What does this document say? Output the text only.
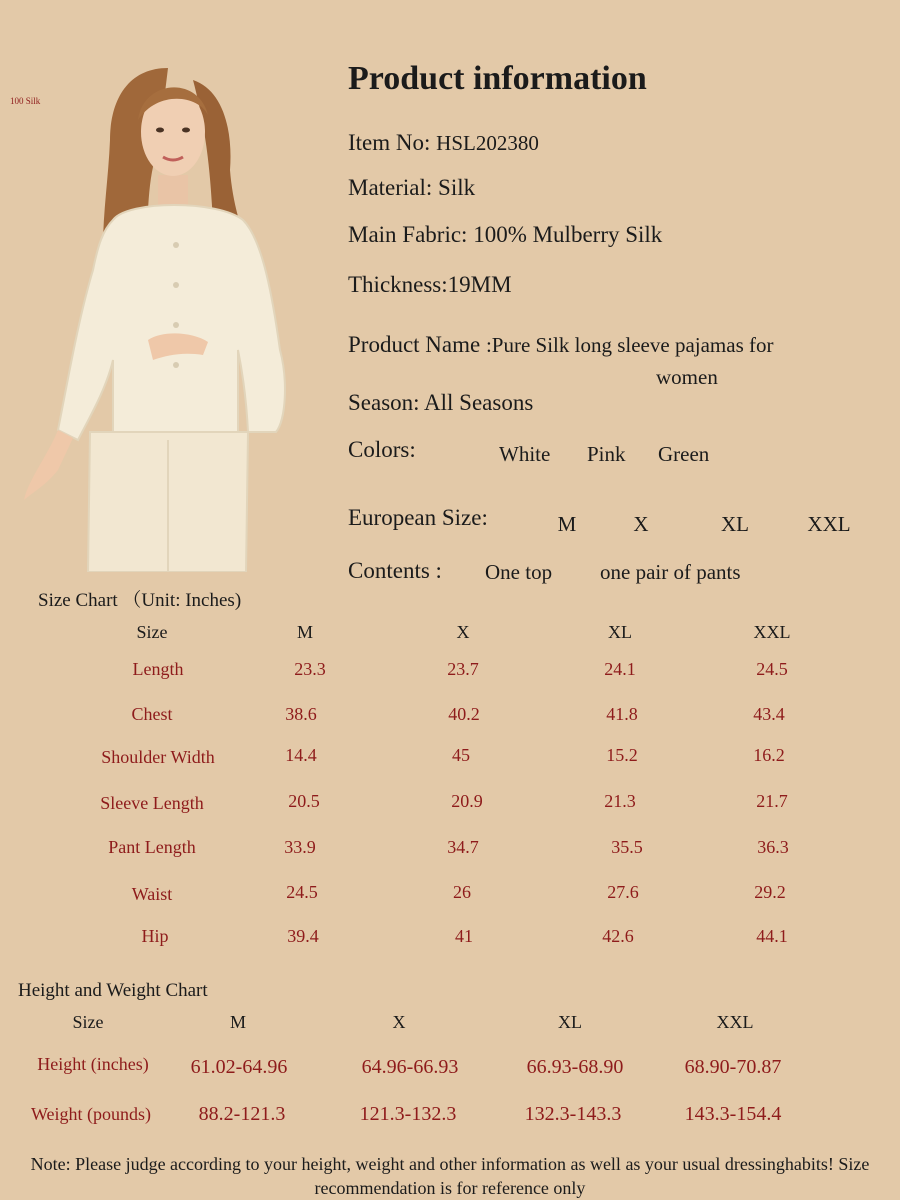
100 Silk
Product information
Item No: HSL202380
Material: Silk
Main Fabric: 100% Mulberry Silk
Thickness:19MM
Product Name :Pure Silk long sleeve pajamas for
women
Season: All Seasons
Colors:	White Pink Green
European Size:	M	X	XL	XXL
Contents : One top one pair of pants
Size Chart （Unit: Inches)
Size	M	X	XL	XXL
Length	23.3	23.7	24.1	24.5
Chest	38.6	40.2	41.8	43.4
Shoulder Width	14.4	45	15.2	16.2
Sleeve Length	20.5	20.9	21.3	21.7
Pant Length	33.9	34.7	35.5	36.3
Waist	24.5	26	27.6	29.2
Hip	39.4	41	42.6	44.1
Height and Weight Chart
Size	M	X	XL	XXL
Height (inches) 61.02-64.96	64.96-66.93	66.93-68.90	68.90-70.87
Weight (pounds) 88.2-121.3	121.3-132.3	132.3-143.3	143.3-154.4
Note: Please judge according to your height, weight and other information as well as your usual dressinghabits! Size recommendation is for reference only
